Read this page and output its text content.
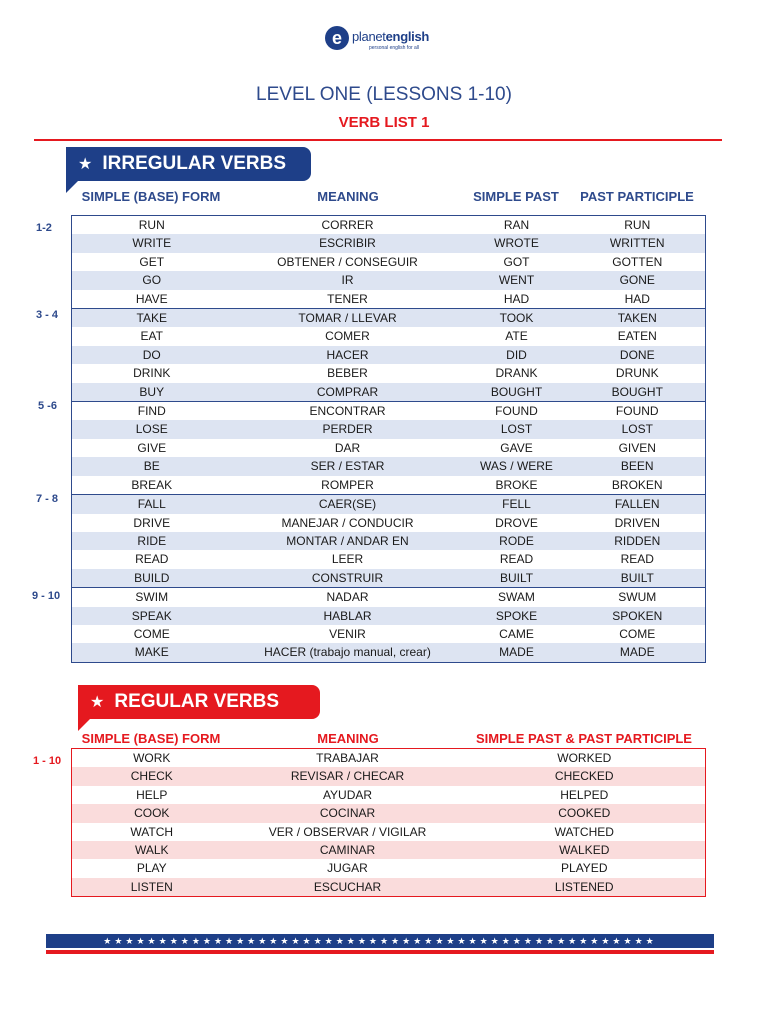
e planetenglish
personal english for all
LEVEL ONE (LESSONS 1-10)
VERB LIST 1
★ IRREGULAR VERBS
SIMPLE (BASE) FORM	MEANING	SIMPLE PAST	PAST PARTICIPLE
1-2
3 - 4
5 -6
7 - 8
9 - 10
RUN	CORRER	RAN	RUN
WRITE	ESCRIBIR	WROTE	WRITTEN
GET	OBTENER / CONSEGUIR	GOT	GOTTEN
GO	IR	WENT	GONE
HAVE	TENER	HAD	HAD
TAKE	TOMAR / LLEVAR	TOOK	TAKEN
EAT	COMER	ATE	EATEN
DO	HACER	DID	DONE
DRINK	BEBER	DRANK	DRUNK
BUY	COMPRAR	BOUGHT	BOUGHT
FIND	ENCONTRAR	FOUND	FOUND
LOSE	PERDER	LOST	LOST
GIVE	DAR	GAVE	GIVEN
BE	SER / ESTAR	WAS / WERE	BEEN
BREAK	ROMPER	BROKE	BROKEN
FALL	CAER(SE)	FELL	FALLEN
DRIVE	MANEJAR / CONDUCIR	DROVE	DRIVEN
RIDE	MONTAR / ANDAR EN	RODE	RIDDEN
READ	LEER	READ	READ
BUILD	CONSTRUIR	BUILT	BUILT
SWIM	NADAR	SWAM	SWUM
SPEAK	HABLAR	SPOKE	SPOKEN
COME	VENIR	CAME	COME
MAKE	HACER (trabajo manual, crear)	MADE	MADE
★ REGULAR VERBS
SIMPLE (BASE) FORM	MEANING	SIMPLE PAST & PAST PARTICIPLE
1 - 10	WORK	TRABAJAR	WORKED
CHECK	REVISAR / CHECAR	CHECKED
HELP	AYUDAR	HELPED
COOK	COCINAR	COOKED
WATCH	VER / OBSERVAR / VIGILAR	WATCHED
WALK	CAMINAR	WALKED
PLAY	JUGAR	PLAYED
LISTEN	ESCUCHAR	LISTENED
★★★★★★★★★★★★★★★★★★★★★★★★★★★★★★★★★★★★★★★★★★★★★★★★★★
